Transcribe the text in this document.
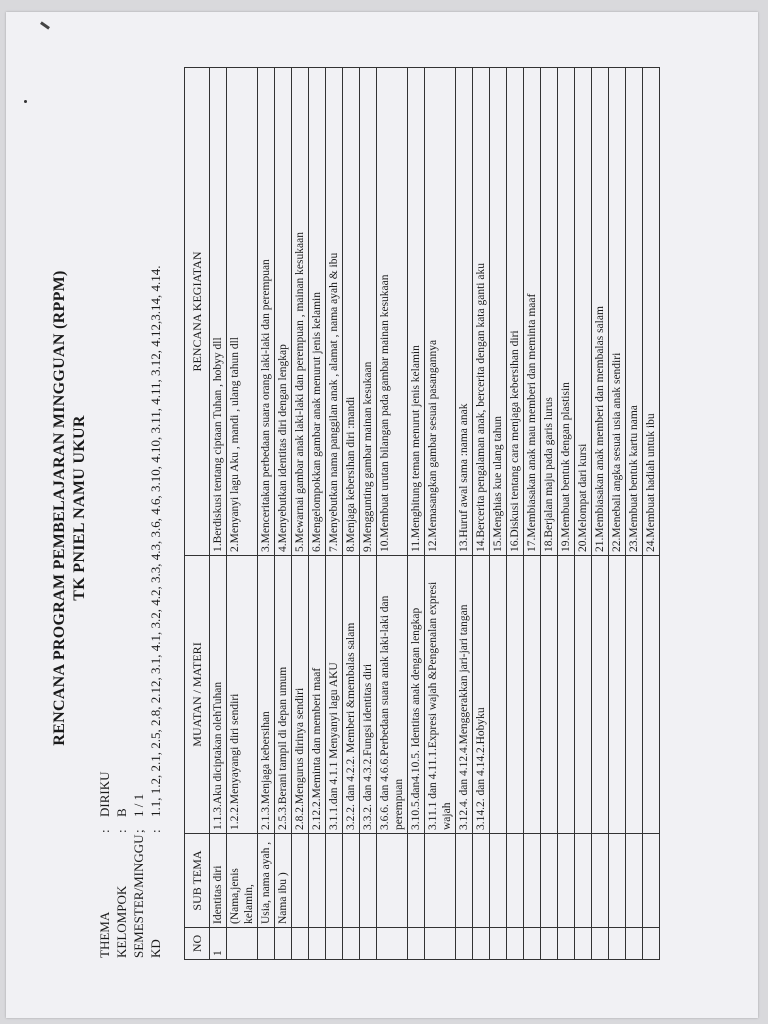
RENCANA PROGRAM PEMBELAJARAN MINGGUAN (RPPM) TK PNIEL NAMU UKUR
THEMA
:
DIRIKU
KELOMPOK
:
B
SEMESTER/MINGGU
;
1 / 1
KD
:
1.1, 1.2, 2.1, 2.5, 2.8, 2.12, 3.1, 4.1, 3.2, 4.2, 3.3, 4.3, 3.6, 4.6, 3.10, 4.10, 3.11, 4.11, 3.12, 4.12,3.14, 4.14.
NO	SUB TEMA	MUATAN / MATERI	RENCANA KEGIATAN
1	Identitas diri	1.1.3.Aku diciptakan olehTuhan	1.Berdiskusi tentang ciptaan Tuhan , hobyy dll
	(Nama,jenis kelamin,	1.2.2.Menyayangi diri sendiri	2.Menyanyi lagu Aku , mandi , ulang tahun dll
	Usia, nama ayah ,	2.1.3.Menjaga kebersihan	3.Menceritakan perbedaan suara orang laki-laki dan perempuan
	Nama ibu )	2.5.3.Berani tampil di depan umum	4.Menyebutkan identitas diri dengan lengkap
		2.8.2.Mengurus dirinya sendiri	5.Mewarnai gambar anak laki-laki dan perempuan , mainan kesukaan
		2.12.2.Meminta dan memberi maaf	6.Mengelompokkan gambar anak menurut jenis kelamin
		3.1.1.dan 4.1.1 Menyanyi lagu AKU	7.Menyebutkan nama panggilan anak , alamat , nama ayah & ibu
		3.2.2. dan 4.2.2. Memberi &membalas salam	8.Menjaga kebersihan diri :mandi
		3.3.2. dan 4.3.2.Fungsi identitas diri	9.Menggunting gambar mainan kesukaan
		3.6.6. dan 4.6.6.Perbedaan suara anak laki-laki dan perempuan	10.Membuat urutan bilangan pada gambar mainan kesukaan
		3.10.5.dan4.10.5. Identitas anak dengan lengkap	11.Menghitung teman menurut jenis kelamin
		3.11.1 dan 4.11.1.Expresi wajah &Pengenalan expresi wajah	12.Memasangkan gambar sesuai pasangannya
		3.12.4. dan 4.12.4.Menggerakkan jari-jari tangan	13.Huruf awal sama :nama anak
		3.14.2. dan 4.14.2.Hobyku	14.Bercerita pengalaman anak, bercerita dengan kata ganti aku
			15.Menghias kue ulang tahun
			16.Diskusi tentang cara menjaga kebersihan diri
			17.Membiasakan anak mau memberi dan meminta maaf
			18.Berjalan maju pada garis lurus
			19.Membuat bentuk dengan plastisin
			20.Melompat dari kursi
			21.Membiasakan anak memberi dan membalas salam
			22.Menebali angka sesuai usia anak sendiri
			23.Membuat bentuk kartu nama
			24.Membuat hadiah untuk ibu
